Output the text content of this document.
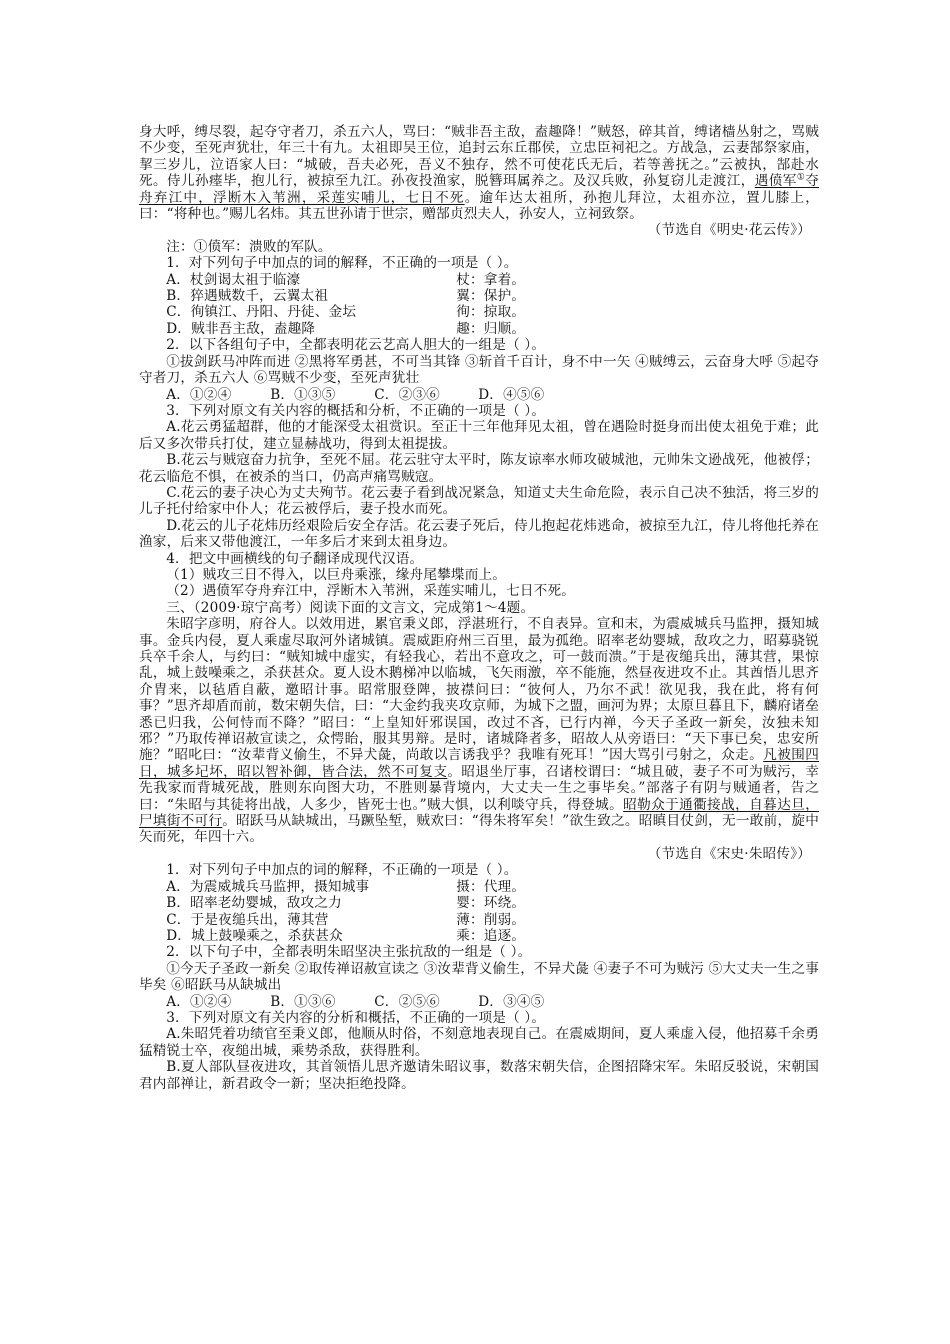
身大呼，缚尽裂，起夺守者刀，杀五六人，骂曰：“贼非吾主敌，盍趣降！”贼怒，碎其首，缚诸樯丛射之，骂贼不少变，至死声犹壮，年三十有九。太祖即吴王位，追封云东丘郡侯，立忠臣祠祀之。方战急，云妻郜祭家庙，挈三岁儿，泣语家人曰：“城破，吾夫必死，吾义不独存，然不可使花氏无后，若等善抚之。”云被执，郜赴水死。侍儿孙瘗毕，抱儿行，被掠至九江。孙夜投渔家，脱簪珥属养之。及汉兵败，孙复窃儿走渡江，遇偾军①夺舟弃江中，浮断木入苇洲，采莲实哺儿，七日不死。逾年达太祖所，孙抱儿拜泣，太祖亦泣，置儿膝上，曰：“将种也。”赐儿名炜。其五世孙请于世宗，赠郜贞烈夫人，孙安人，立祠致祭。

（节选自《明史·花云传》）

注：①偾军：溃败的军队。

1．对下列句子中加点的词的解释，不正确的一项是（ ）。

A．杖剑谒太祖于临濠	杖：拿着。

B．猝遇贼数千，云翼太祖	翼：保护。

C．徇镇江、丹阳、丹徒、金坛	徇：掠取。

D．贼非吾主敌，盍趣降	趣：归顺。

2．以下各组句子中，全都表明花云艺高人胆大的一组是（ ）。

①拔剑跃马冲阵而进 ②黑将军勇甚，不可当其锋 ③斩首千百计，身不中一矢 ④贼缚云，云奋身大呼 ⑤起夺守者刀，杀五六人 ⑥骂贼不少变，至死声犹壮

A．①②④	B．①③⑤	C．②③⑥	D．④⑤⑥

3．下列对原文有关内容的概括和分析，不正确的一项是（ ）。

A.花云勇猛超群，他的才能深受太祖赏识。至正十三年他拜见太祖，曾在遇险时挺身而出使太祖免于难；此后又多次带兵打仗，建立显赫战功，得到太祖提拔。

B.花云与贼寇奋力抗争，至死不屈。花云驻守太平时，陈友谅率水师攻破城池，元帅朱文逊战死，他被俘；花云临危不惧，在被杀的当口，仍高声痛骂贼寇。

C.花云的妻子决心为丈夫殉节。花云妻子看到战况紧急，知道丈夫生命危险，表示自己决不独活，将三岁的儿子托付给家中仆人；花云被俘后，妻子投水而死。

D.花云的儿子花炜历经艰险后安全存活。花云妻子死后，侍儿抱起花炜逃命，被掠至九江，侍儿将他托养在渔家，后来又带他渡江，一年多后才来到太祖身边。

4．把文中画横线的句子翻译成现代汉语。

（1）贼攻三日不得入，以巨舟乘涨，缘舟尾攀堞而上。

（2）遇偾军夺舟弃江中，浮断木入苇洲，采莲实哺儿，七日不死。

三、（2009·琼宁高考）阅读下面的文言文，完成第1～4题。

朱昭字彦明，府谷人。以效用进，累官秉义郎，浮湛班行，不自表异。宣和末，为震威城兵马监押，摄知城事。金兵内侵，夏人乘虚尽取河外诸城镇。震威距府州三百里，最为孤绝。昭率老幼婴城，敌攻之力，昭募骁锐兵卒千余人，与约曰：“贼知城中虚实，有轻我心，若出不意攻之，可一鼓而溃。”于是夜缒兵出，薄其营，果惊乱，城上鼓噪乘之，杀获甚众。夏人设木鹅梯冲以临城，飞矢雨激，卒不能施，然昼夜进攻不止。其酋悟儿思齐介胄来，以毡盾自蔽，邀昭计事。昭常服登陴，披襟问曰：“彼何人，乃尔不武！欲见我，我在此，将有何事？”思齐却盾而前，数宋朝失信，曰：“大金约我夹攻京师，为城下之盟，画河为界；太原旦暮且下，麟府诸垒悉已归我，公何恃而不降？”昭曰：“上皇知奸邪误国，改过不吝，已行内禅，今天子圣政一新矣，汝独未知邪？”乃取传禅诏赦宣读之，众愕眙，服其男辩。是时，诸城降者多，昭故人从旁语曰：“天下事已矣，忠安所施？”昭叱曰：“汝辈背义偷生，不异犬彘，尚敢以言诱我乎？我唯有死耳！”因大骂引弓射之，众走。凡被围四日，城多圮坏，昭以智补御，皆合法，然不可复支。昭退坐厅事，召诸校谓曰：“城且破，妻子不可为贼污，幸先我家而背城死战，胜则东向图大功，不胜则暴背境内，大丈夫一生之事毕矣。”部落子有阴与贼通者，告之曰：“朱昭与其徒将出战，人多少，皆死士也。”贼大惧，以利啖守兵，得登城。昭勒众于通衢接战，自暮达旦，尸填街不可行。昭跃马从缺城出，马蹶坠堑，贼欢曰：“得朱将军矣！”欲生致之。昭瞋目仗剑，无一敢前，旋中矢而死，年四十六。

（节选自《宋史·朱昭传》）

1．对下列句子中加点的词的解释，不正确的一项是（ ）。

A．为震威城兵马监押，摄知城事	摄：代理。

B．昭率老幼婴城，敌攻之力	婴：环绕。

C．于是夜缒兵出，薄其营	薄：削弱。

D．城上鼓噪乘之，杀获甚众	乘：追逐。

2．以下句子中，全都表明朱昭坚决主张抗敌的一组是（ ）。

①今天子圣政一新矣 ②取传禅诏赦宣读之 ③汝辈背义偷生，不异犬彘 ④妻子不可为贼污 ⑤大丈夫一生之事毕矣 ⑥昭跃马从缺城出

A．①②④	B．①③⑥	C．②⑤⑥	D．③④⑤

3．下列对原文有关内容的分析和概括，不正确的一项是（ ）。

A.朱昭凭着功绩官至秉义郎，他顺从时俗，不刻意地表现自己。在震威期间，夏人乘虚入侵，他招募千余勇猛精锐士卒，夜缒出城，乘势杀敌，获得胜利。

B.夏人部队昼夜进攻，其首领悟儿思齐邀请朱昭议事，数落宋朝失信，企图招降宋军。朱昭反驳说，宋朝国君内部禅让，新君政令一新；坚决拒绝投降。
